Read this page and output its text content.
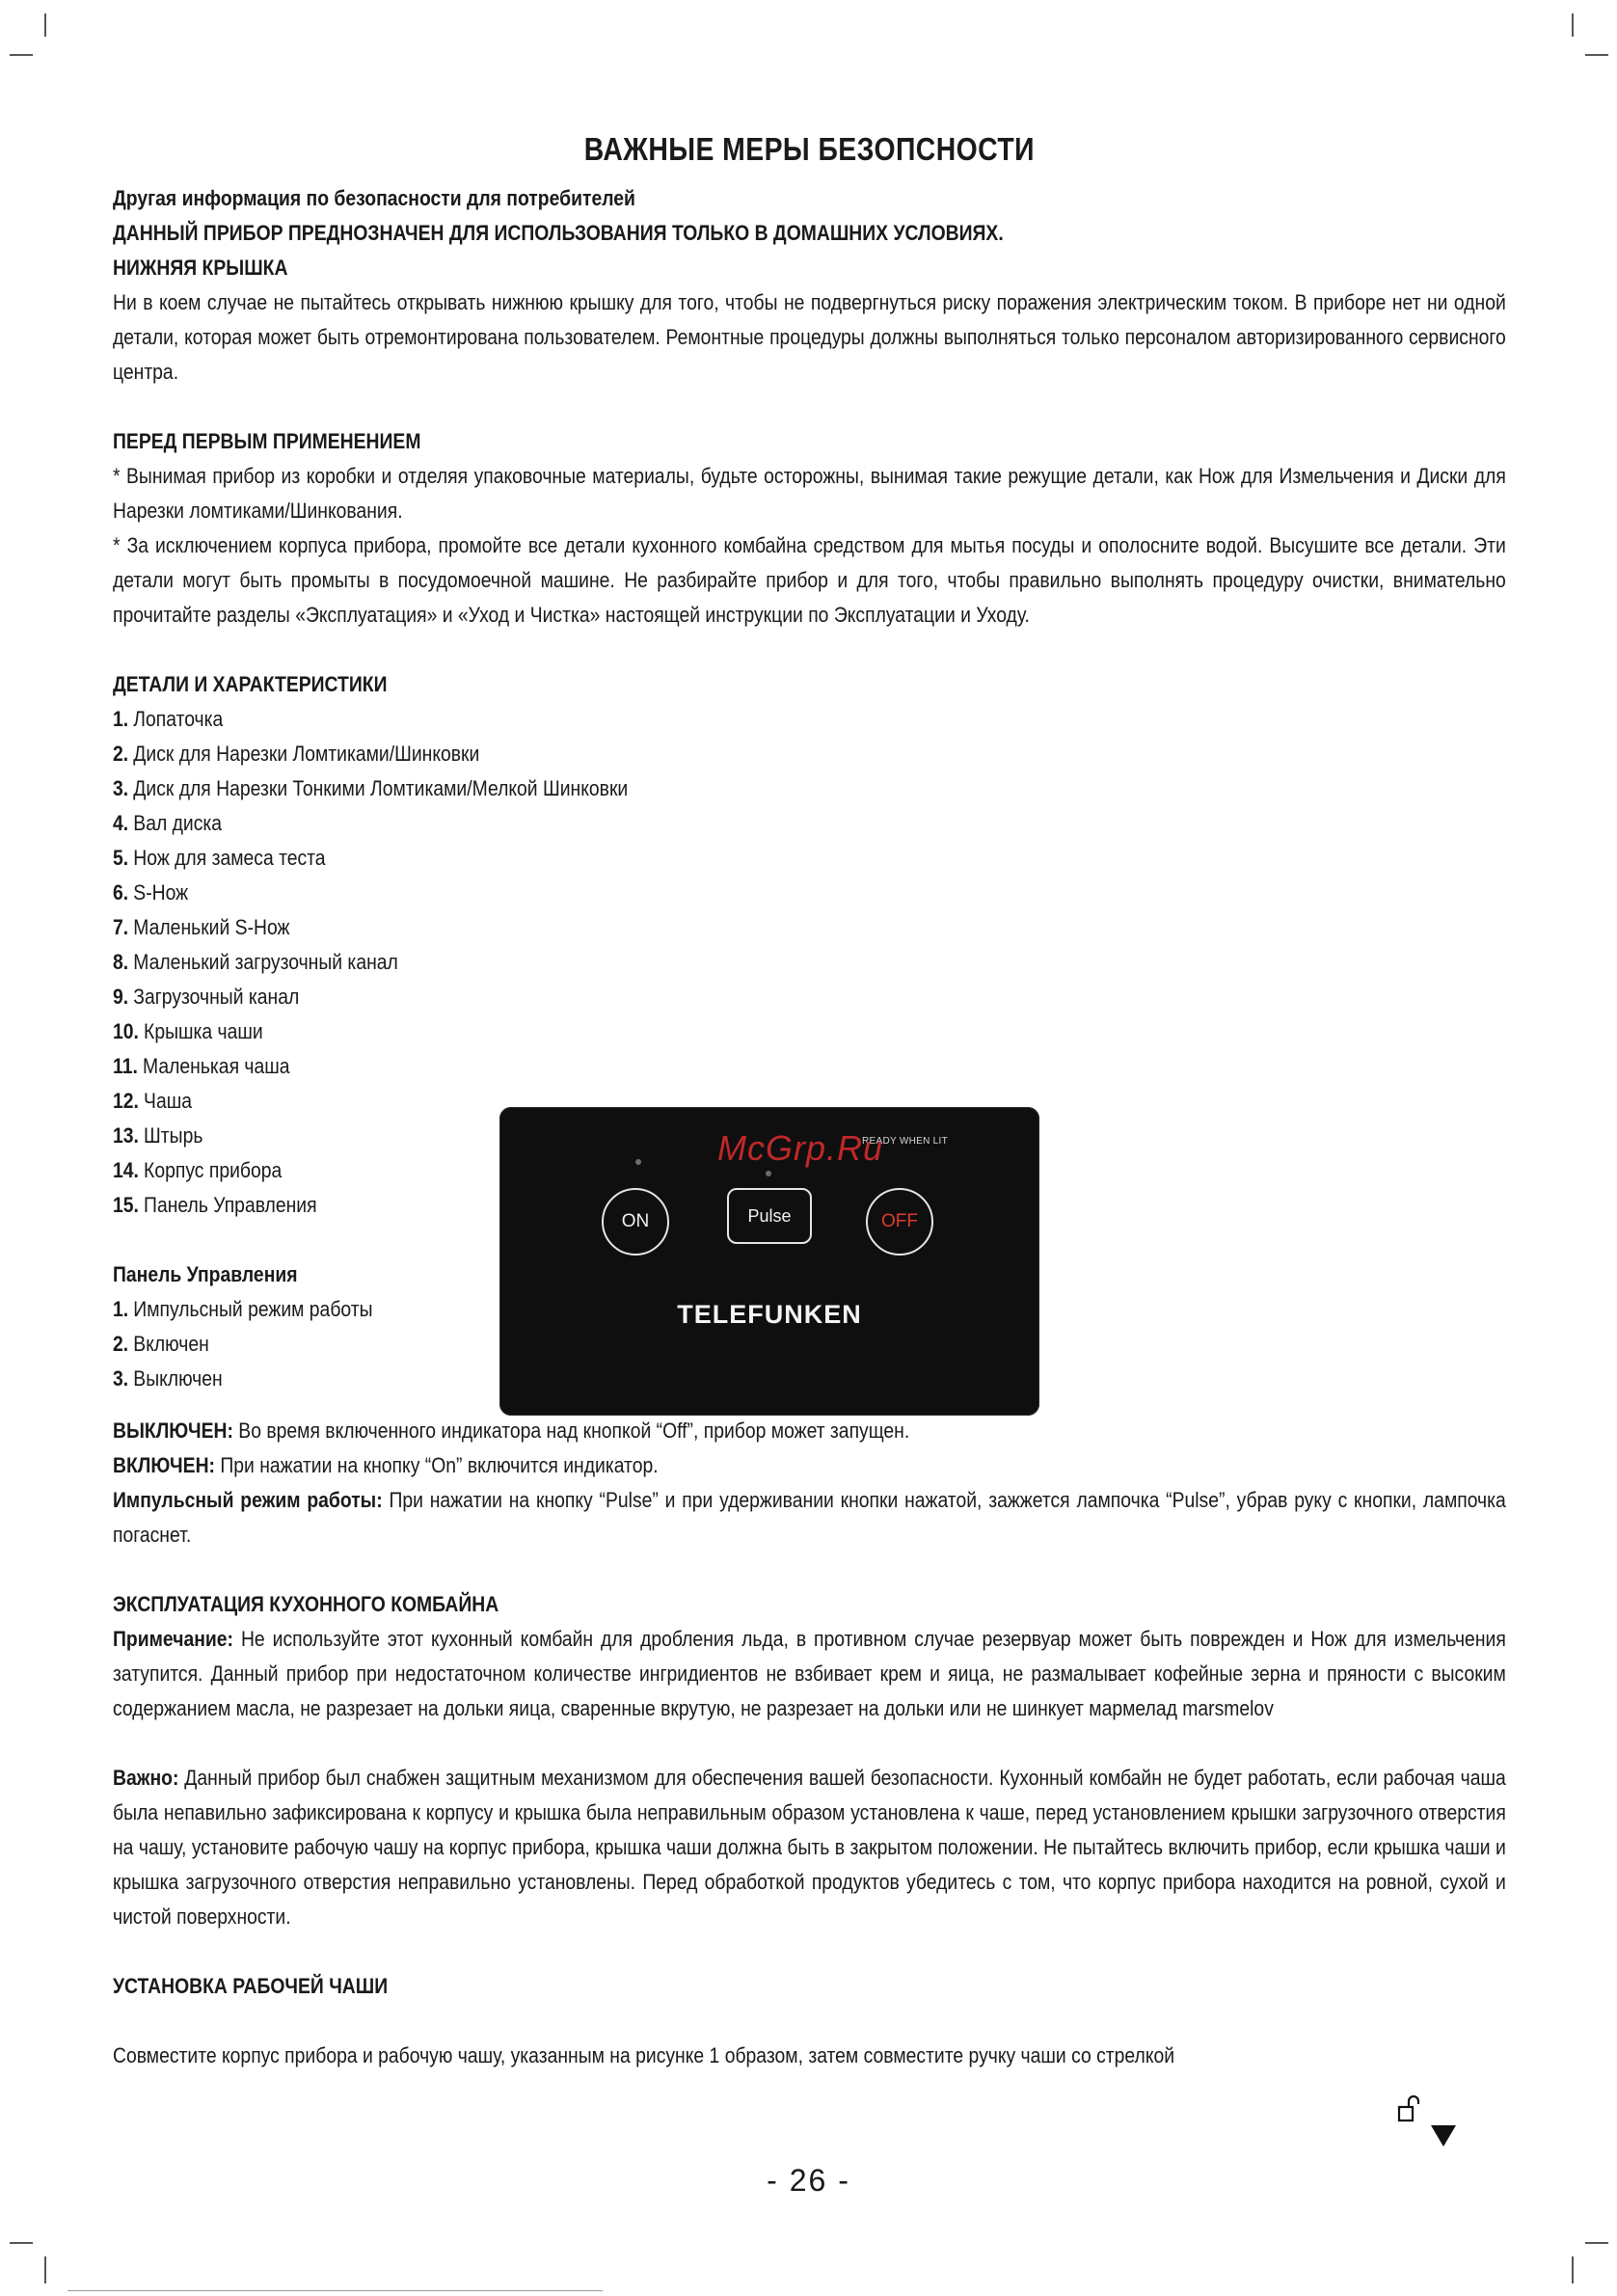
ВАЖНЫЕ МЕРЫ БЕЗОПСНОСТИ
Другая информация по безопасности для потребителей
ДАННЫЙ ПРИБОР ПРЕДНОЗНАЧЕН ДЛЯ ИСПОЛЬЗОВАНИЯ ТОЛЬКО В ДОМАШНИХ УСЛОВИЯХ.
НИЖНЯЯ КРЫШКА

Ни в коем случае не пытайтесь открывать нижнюю крышку для того, чтобы не подвергнуться риску поражения электрическим током. В приборе нет ни одной детали, которая может быть отремонтирована пользователем. Ремонтные процедуры должны выполняться только персоналом авторизированного сервисного центра.

ПЕРЕД ПЕРВЫМ ПРИМЕНЕНИЕМ

* Вынимая прибор из коробки и отделяя упаковочные материалы, будьте осторожны, вынимая такие режущие детали, как Нож для Измельчения и Диски для Нарезки ломтиками/Шинкования.

* За исключением корпуса прибора, промойте все детали кухонного комбайна средством для мытья посуды и ополосните водой. Высушите все детали. Эти детали могут быть промыты в посудомоечной машине. Не разбирайте прибор и для того, чтобы правильно выполнять процедуру очистки, внимательно прочитайте разделы «Эксплуатация» и «Уход и Чистка» настоящей инструкции по Эксплуатации и Уходу.

ДЕТАЛИ И ХАРАКТЕРИСТИКИ
1. Лопаточка
2. Диск для Нарезки Ломтиками/Шинковки
3. Диск для Нарезки Тонкими Ломтиками/Мелкой Шинковки
4. Вал диска
5. Нож для замеса теста
6. S-Нож
7. Маленький S-Нож
8. Маленький загрузочный канал
9. Загрузочный канал
10. Крышка чаши
11. Маленькая чаша
12. Чаша
13. Штырь
14. Корпус прибора
15. Панель Управления
Панель Управления
1. Импульсный режим работы
2. Включен
3. Выключен

ВЫКЛЮЧЕН: Во время включенного индикатора над кнопкой “Off”, прибор может запущен.

ВКЛЮЧЕН: При нажатии на кнопку “On” включится индикатор.

Импульсный режим работы: При нажатии на кнопку “Pulse” и при удерживании кнопки нажатой, зажжется лампочка “Pulse”, убрав руку с кнопки, лампочка погаснет.

ЭКСПЛУАТАЦИЯ КУХОННОГО КОМБАЙНА

Примечание: Не используйте этот кухонный комбайн для дробления льда, в противном случае резервуар может быть поврежден и Нож для измельчения затупится. Данный прибор при недостаточном количестве ингридиентов не взбивает крем и яица, не размалывает кофейные зерна и пряности с высоким содержанием масла, не разрезает на дольки яица, сваренные вкрутую, не разрезает на дольки или не шинкует мармелад marsmelov

Важно: Данный прибор был снабжен защитным механизмом для обеспечения вашей безопасности. Кухонный комбайн не будет работать, если рабочая чаша была непавильно зафиксирована к корпусу и крышка была неправильным образом установлена к чаше, перед установлением крышки загрузочного отверстия на чашу, установите рабочую чашу на корпус прибора, крышка чаши должна быть в закрытом положении. Не пытайтесь включить прибор, если крышка чаши и крышка загрузочного отверстия неправильно установлены. Перед обработкой продуктов убедитесь с том, что корпус прибора находится на ровной, сухой и чистой поверхности.

УСТАНОВКА РАБОЧЕЙ ЧАШИ

Совместите корпус прибора и рабочую чашу, указанным на рисунке 1 образом, затем совместите ручку чаши со стрелкой

READY WHEN LIT
ON	Pulse	OFF
TELEFUNKEN
McGrp.Ru
- 26 -
